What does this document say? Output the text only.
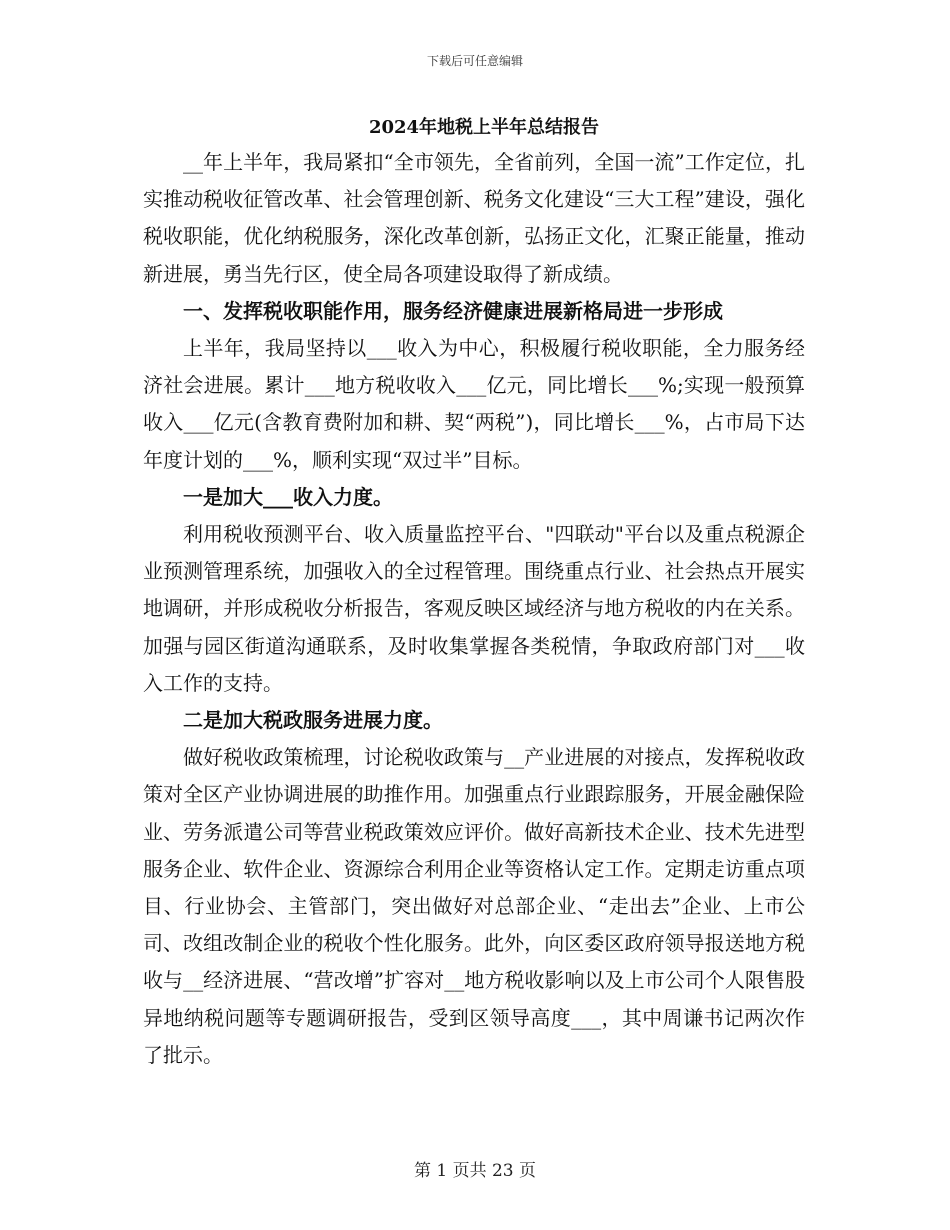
下载后可任意编辑

2024年地税上半年总结报告

__年上半年，我局紧扣“全市领先，全省前列，全国一流”工作定位，扎实推动税收征管改革、社会管理创新、税务文化建设“三大工程”建设，强化税收职能，优化纳税服务，深化改革创新，弘扬正文化，汇聚正能量，推动新进展，勇当先行区，使全局各项建设取得了新成绩。

一、发挥税收职能作用，服务经济健康进展新格局进一步形成

上半年，我局坚持以___收入为中心，积极履行税收职能，全力服务经济社会进展。累计___地方税收收入___亿元，同比增长___%;实现一般预算收入___亿元(含教育费附加和耕、契“两税”)，同比增长___%，占市局下达年度计划的___%，顺利实现“双过半”目标。

一是加大___收入力度。

利用税收预测平台、收入质量监控平台、"四联动"平台以及重点税源企业预测管理系统，加强收入的全过程管理。围绕重点行业、社会热点开展实地调研，并形成税收分析报告，客观反映区域经济与地方税收的内在关系。加强与园区街道沟通联系，及时收集掌握各类税情，争取政府部门对___收入工作的支持。

二是加大税政服务进展力度。

做好税收政策梳理，讨论税收政策与__产业进展的对接点，发挥税收政策对全区产业协调进展的助推作用。加强重点行业跟踪服务，开展金融保险业、劳务派遣公司等营业税政策效应评价。做好高新技术企业、技术先进型服务企业、软件企业、资源综合利用企业等资格认定工作。定期走访重点项目、行业协会、主管部门，突出做好对总部企业、“走出去”企业、上市公司、改组改制企业的税收个性化服务。此外，向区委区政府领导报送地方税收与__经济进展、“营改增”扩容对__地方税收影响以及上市公司个人限售股异地纳税问题等专题调研报告，受到区领导高度___，其中周谦书记两次作了批示。

第 1 页共 23 页
